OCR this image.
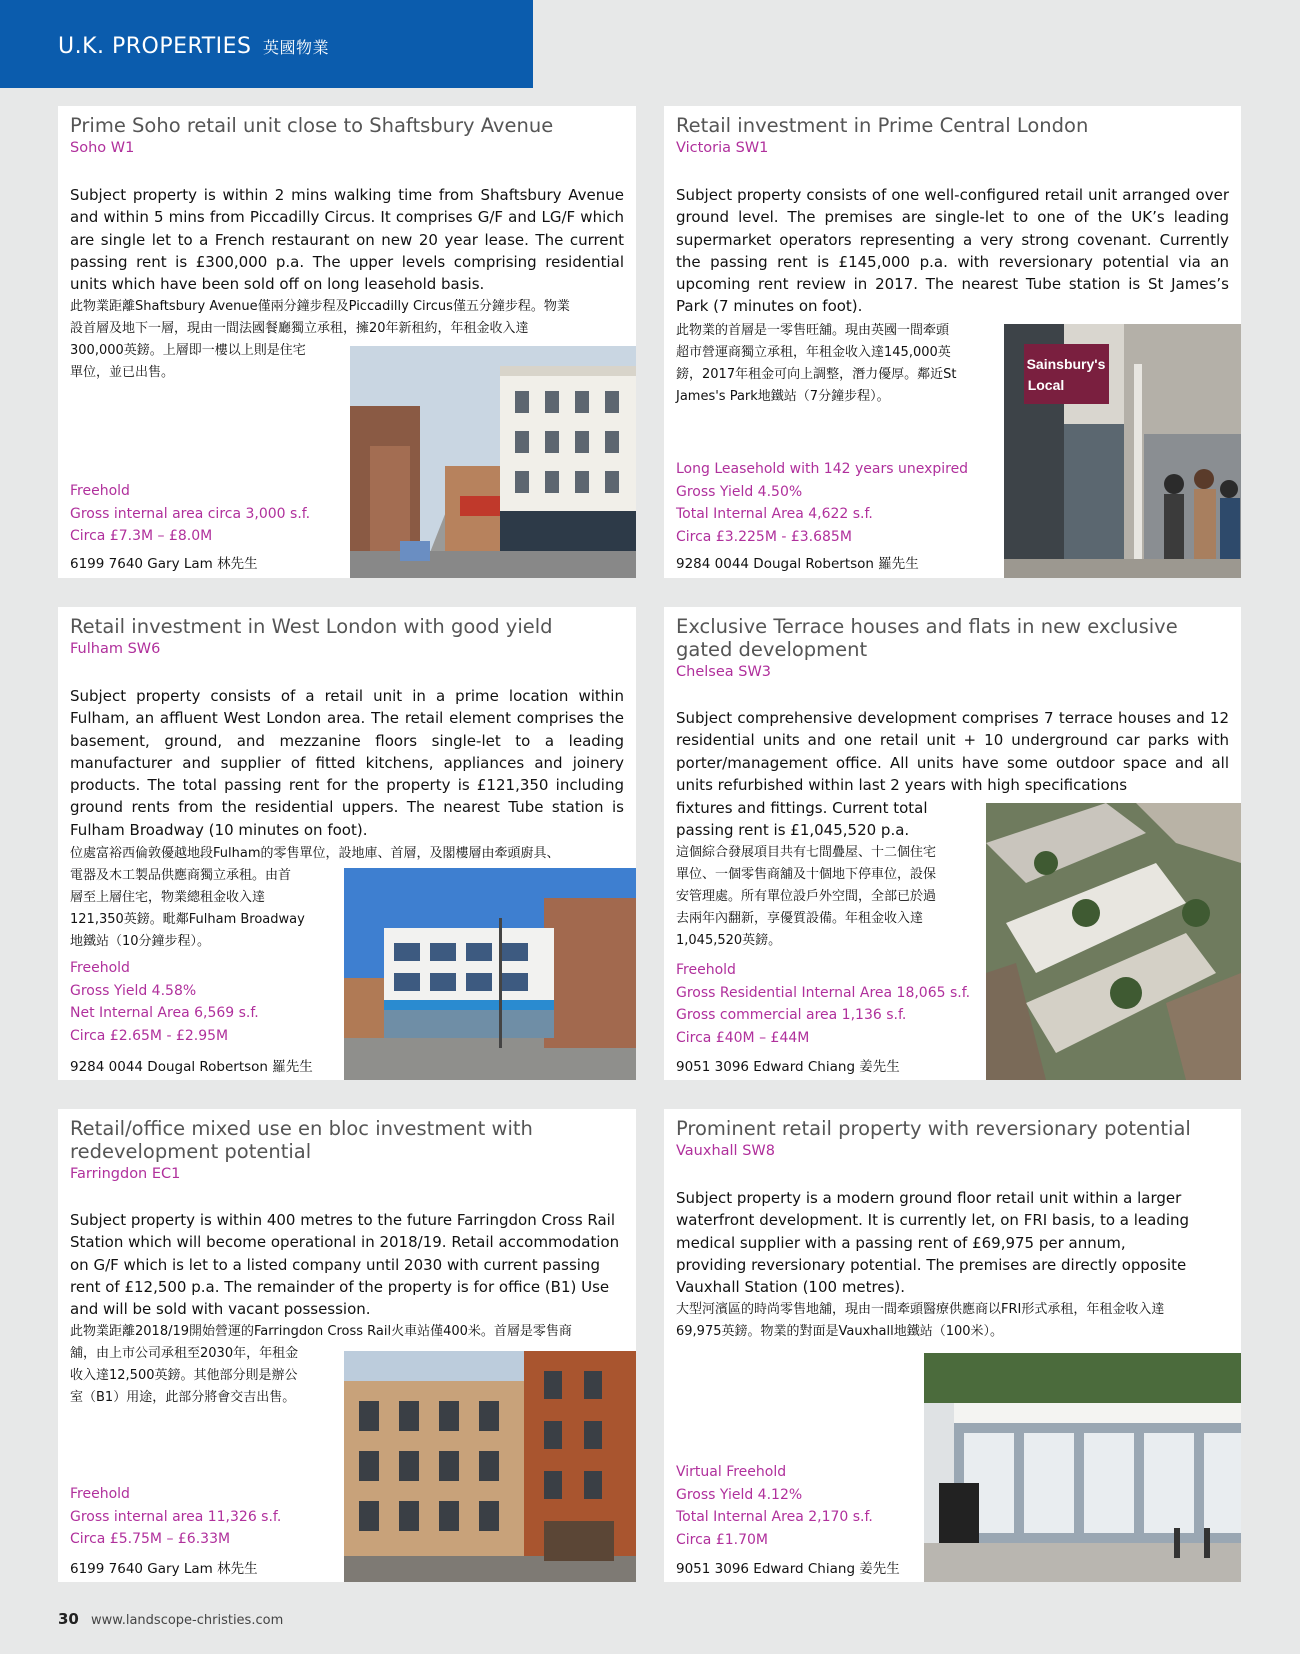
U.K. PROPERTIES 英國物業
Prime Soho retail unit close to Shaftsbury Avenue
Soho W1
Subject property is within 2 mins walking time from Shaftsbury Avenue and within 5 mins from Piccadilly Circus. It comprises G/F and LG/F which are single let to a French restaurant on new 20 year lease. The current passing rent is £300,000 p.a. The upper levels comprising residential units which have been sold off on long leasehold basis.
此物業距離Shaftsbury Avenue僅兩分鐘步程及Piccadilly Circus僅五分鐘步程。物業
設首層及地下一層，現由一間法國餐廳獨立承租，擁20年新租約，年租金收入達
300,000英鎊。上層即一樓以上則是住宅
單位，並已出售。
Freehold
Gross internal area circa 3,000 s.f.
Circa £7.3M – £8.0M
6199 7640 Gary Lam 林先生
Retail investment in Prime Central London
Victoria SW1
Subject property consists of one well-configured retail unit arranged over ground level. The premises are single-let to one of the UK’s leading supermarket operators representing a very strong covenant. Currently the passing rent is £145,000 p.a. with reversionary potential via an upcoming rent review in 2017. The nearest Tube station is St James’s Park (7 minutes on foot).
此物業的首層是一零售旺舖。現由英國一間牽頭
超市營運商獨立承租，年租金收入達145,000英
鎊，2017年租金可向上調整，潛力優厚。鄰近St
James's Park地鐵站（7分鐘步程）。
Long Leasehold with 142 years unexpired
Gross Yield 4.50%
Total Internal Area 4,622 s.f.
Circa £3.225M - £3.685M
9284 0044 Dougal Robertson 羅先生
Sainsbury's
Local
Retail investment in West London with good yield
Fulham SW6
Subject property consists of a retail unit in a prime location within Fulham, an affluent West London area. The retail element comprises the basement, ground, and mezzanine floors single-let to a leading manufacturer and supplier of fitted kitchens, appliances and joinery products. The total passing rent for the property is £121,350 including ground rents from the residential uppers. The nearest Tube station is Fulham Broadway (10 minutes on foot).
位處富裕西倫敦優越地段Fulham的零售單位，設地庫、首層，及閣樓層由牽頭廚具、
電器及木工製品供應商獨立承租。由首
層至上層住宅，物業總租金收入達
121,350英鎊。毗鄰Fulham Broadway
地鐵站（10分鐘步程）。
Freehold
Gross Yield 4.58%
Net Internal Area 6,569 s.f.
Circa £2.65M - £2.95M
9284 0044 Dougal Robertson 羅先生
Exclusive Terrace houses and flats in new exclusive gated development
Chelsea SW3
Subject comprehensive development comprises 7 terrace houses and 12 residential units and one retail unit + 10 underground car parks with porter/management office. All units have some outdoor space and all units refurbished within last 2 years with high specifications
fixtures and fittings. Current total
passing rent is £1,045,520 p.a.
這個綜合發展項目共有七間疊屋、十二個住宅
單位、一個零售商舖及十個地下停車位，設保
安管理處。所有單位設戶外空間，全部已於過
去兩年內翻新，享優質設備。年租金收入達
1,045,520英鎊。
Freehold
Gross Residential Internal Area 18,065 s.f.
Gross commercial area 1,136 s.f.
Circa £40M – £44M
9051 3096 Edward Chiang 姜先生
Retail/office mixed use en bloc investment with redevelopment potential
Farringdon EC1
Subject property is within 400 metres to the future Farringdon Cross Rail Station which will become operational in 2018/19. Retail accommodation on G/F which is let to a listed company until 2030 with current passing rent of £12,500 p.a. The remainder of the property is for office (B1) Use and will be sold with vacant possession.
此物業距離2018/19開始營運的Farringdon Cross Rail火車站僅400米。首層是零售商
舖，由上市公司承租至2030年，年租金
收入達12,500英鎊。其他部分則是辦公
室（B1）用途，此部分將會交吉出售。
Freehold
Gross internal area 11,326 s.f.
Circa £5.75M – £6.33M
6199 7640 Gary Lam 林先生
Prominent retail property with reversionary potential
Vauxhall SW8
Subject property is a modern ground floor retail unit within a larger waterfront development. It is currently let, on FRI basis, to a leading medical supplier with a passing rent of £69,975 per annum, providing reversionary potential. The premises are directly opposite Vauxhall Station (100 metres).
大型河濱區的時尚零售地舖，現由一間牽頭醫療供應商以FRI形式承租，年租金收入達
69,975英鎊。物業的對面是Vauxhall地鐵站（100米）。
Virtual Freehold
Gross Yield 4.12%
Total Internal Area 2,170 s.f.
Circa £1.70M
9051 3096 Edward Chiang 姜先生
30 www.landscope-christies.com
